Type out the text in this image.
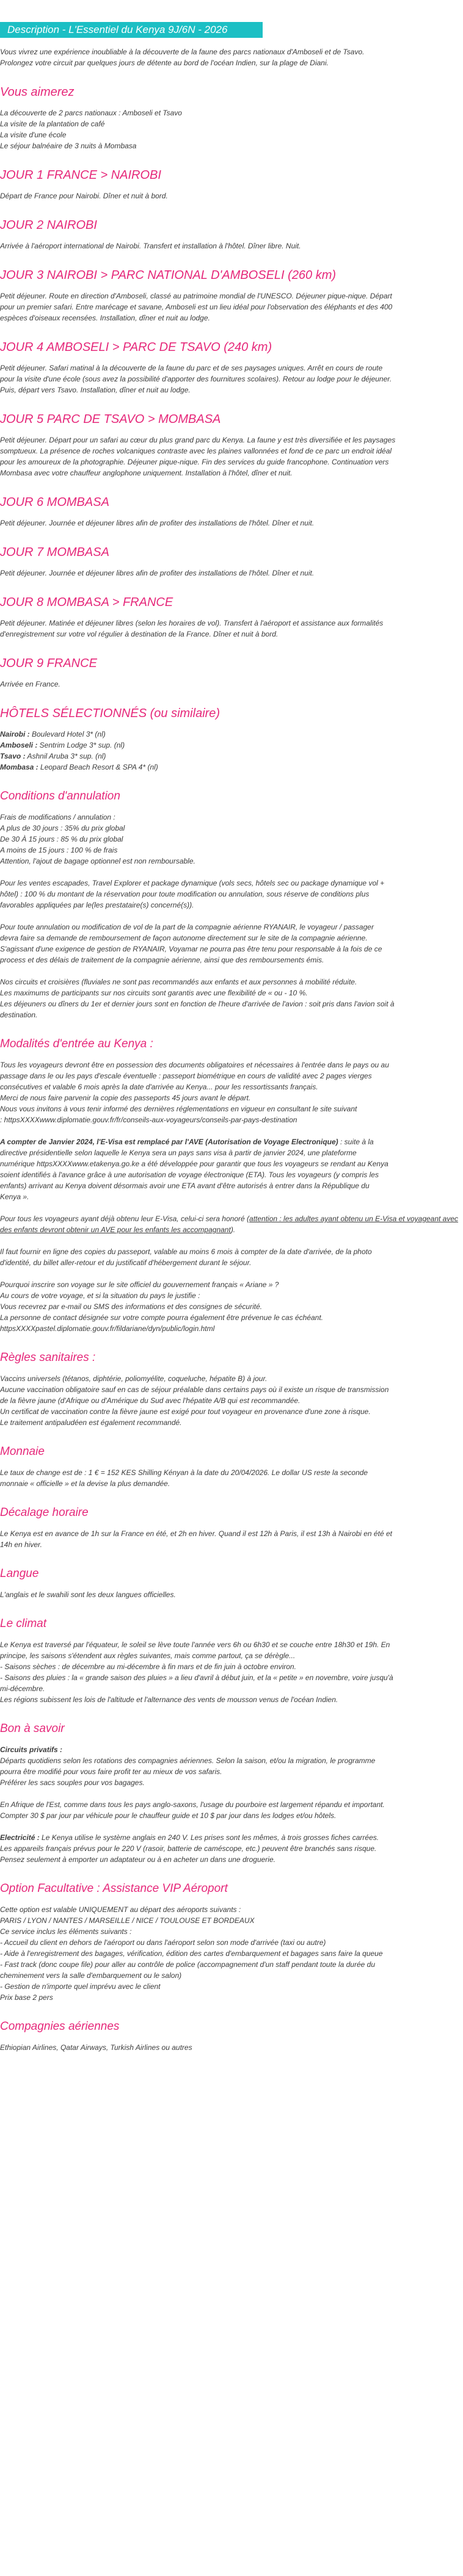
Description - L'Essentiel du Kenya 9J/6N - 2026

Vous vivrez une expérience inoubliable à la découverte de la faune des parcs nationaux d'Amboseli et de Tsavo.

Prolongez votre circuit par quelques jours de détente au bord de l'océan Indien, sur la plage de Diani.

Vous aimerez

La découverte de 2 parcs nationaux : Amboseli et Tsavo

La visite de la plantation de café

La visite d'une école

Le séjour balnéaire de 3 nuits à Mombasa

JOUR 1 FRANCE > NAIROBI

Départ de France pour Nairobi. Dîner et nuit à bord.

JOUR 2 NAIROBI

Arrivée à l'aéroport international de Nairobi. Transfert et installation à l'hôtel. Dîner libre. Nuit.

JOUR 3 NAIROBI > PARC NATIONAL D'AMBOSELI (260 km)

Petit déjeuner. Route en direction d'Amboseli, classé au patrimoine mondial de l'UNESCO. Déjeuner pique-nique. Départ

pour un premier safari. Entre marécage et savane, Amboseli est un lieu idéal pour l'observation des éléphants et des 400

espèces d'oiseaux recensées. Installation, dîner et nuit au lodge.

JOUR 4 AMBOSELI > PARC DE TSAVO (240 km)

Petit déjeuner. Safari matinal à la découverte de la faune du parc et de ses paysages uniques. Arrêt en cours de route

pour la visite d'une école (sous avez la possibilité d'apporter des fournitures scolaires). Retour au lodge pour le déjeuner.

Puis, départ vers Tsavo. Installation, dîner et nuit au lodge.

JOUR 5 PARC DE TSAVO > MOMBASA

Petit déjeuner. Départ pour un safari au cœur du plus grand parc du Kenya. La faune y est très diversifiée et les paysages

somptueux. La présence de roches volcaniques contraste avec les plaines vallonnées et fond de ce parc un endroit idéal

pour les amoureux de la photographie. Déjeuner pique-nique. Fin des services du guide francophone. Continuation vers

Mombasa avec votre chauffeur anglophone uniquement. Installation à l'hôtel, dîner et nuit.

JOUR 6 MOMBASA

Petit déjeuner. Journée et déjeuner libres afin de profiter des installations de l'hôtel. Dîner et nuit.

JOUR 7 MOMBASA

Petit déjeuner. Journée et déjeuner libres afin de profiter des installations de l'hôtel. Dîner et nuit.

JOUR 8 MOMBASA > FRANCE

Petit déjeuner. Matinée et déjeuner libres (selon les horaires de vol). Transfert à l'aéroport et assistance aux formalités

d'enregistrement sur votre vol régulier à destination de la France. Dîner et nuit à bord.

JOUR 9 FRANCE

Arrivée en France.

HÔTELS SÉLECTIONNÉS (ou similaire)

Nairobi : Boulevard Hotel 3* (nl)

Amboseli : Sentrim Lodge 3* sup. (nl)

Tsavo : Ashnil Aruba 3* sup. (nl)

Mombasa : Leopard Beach Resort & SPA 4* (nl)

Conditions d'annulation

Frais de modifications / annulation :

A plus de 30 jours : 35% du prix global

De 30 À 15 jours : 85 % du prix global

A moins de 15 jours : 100 % de frais

Attention, l'ajout de bagage optionnel est non remboursable.

Pour les ventes escapades, Travel Explorer et package dynamique (vols secs, hôtels sec ou package dynamique vol +

hôtel) : 100 % du montant de la réservation pour toute modification ou annulation, sous réserve de conditions plus

favorables appliquées par le(les prestataire(s) concerné(s)).

Pour toute annulation ou modification de vol de la part de la compagnie aérienne RYANAIR, le voyageur / passager

devra faire sa demande de remboursement de façon autonome directement sur le site de la compagnie aérienne.

S'agissant d'une exigence de gestion de RYANAIR, Voyamar ne pourra pas être tenu pour responsable à la fois de ce

process et des délais de traitement de la compagnie aérienne, ainsi que des remboursements émis.

Nos circuits et croisières (fluviales ne sont pas recommandés aux enfants et aux personnes à mobilité réduite.

Les maximums de participants sur nos circuits sont garantis avec une flexibilité de « ou - 10 %.

Les déjeuners ou dîners du 1er et dernier jours sont en fonction de l'heure d'arrivée de l'avion : soit pris dans l'avion soit à

destination.

Modalités d'entrée au Kenya :

Tous les voyageurs devront être en possession des documents obligatoires et nécessaires à l'entrée dans le pays ou au

passage dans le ou les pays d'escale éventuelle : passeport biométrique en cours de validité avec 2 pages vierges

consécutives et valable 6 mois après la date d'arrivée au Kenya... pour les ressortissants français.

Merci de nous faire parvenir la copie des passeports 45 jours avant le départ.

Nous vous invitons à vous tenir informé des dernières réglementations en vigueur en consultant le site suivant

: httpsXXXXwww.diplomatie.gouv.fr/fr/conseils-aux-voyageurs/conseils-par-pays-destination

A compter de Janvier 2024, l'E-Visa est remplacé par l'AVE (Autorisation de Voyage Electronique) : suite à la

directive présidentielle selon laquelle le Kenya sera un pays sans visa à partir de janvier 2024, une plateforme

numérique httpsXXXXwww.etakenya.go.ke a été développée pour garantir que tous les voyageurs se rendant au Kenya

soient identifiés à l'avance grâce à une autorisation de voyage électronique (ETA). Tous les voyageurs (y compris les

enfants) arrivant au Kenya doivent désormais avoir une ETA avant d'être autorisés à entrer dans la République du

Kenya ».

Pour tous les voyageurs ayant déjà obtenu leur E-Visa, celui-ci sera honoré (attention : les adultes ayant obtenu un E-Visa et voyageant avec des enfants devront obtenir un AVE pour les enfants les accompagnant).

Il faut fournir en ligne des copies du passeport, valable au moins 6 mois à compter de la date d'arrivée, de la photo

d'identité, du billet aller-retour et du justificatif d'hébergement durant le séjour.

Pourquoi inscrire son voyage sur le site officiel du gouvernement français « Ariane » ?

Au cours de votre voyage, et si la situation du pays le justifie :

Vous recevrez par e-mail ou SMS des informations et des consignes de sécurité.

La personne de contact désignée sur votre compte pourra également être prévenue le cas échéant.

httpsXXXXpastel.diplomatie.gouv.fr/fildariane/dyn/public/login.html

Règles sanitaires :

Vaccins universels (tétanos, diphtérie, poliomyélite, coqueluche, hépatite B) à jour.

Aucune vaccination obligatoire sauf en cas de séjour préalable dans certains pays où il existe un risque de transmission

de la fièvre jaune (d'Afrique ou d'Amérique du Sud avec l'hépatite A/B qui est recommandée.

Un certificat de vaccination contre la fièvre jaune est exigé pour tout voyageur en provenance d'une zone à risque.

Le traitement antipaludéen est également recommandé.

Monnaie

Le taux de change est de : 1 € = 152 KES Shilling Kényan à la date du 20/04/2026. Le dollar US reste la seconde

monnaie « officielle » et la devise la plus demandée.

Décalage horaire

Le Kenya est en avance de 1h sur la France en été, et 2h en hiver. Quand il est 12h à Paris, il est 13h à Nairobi en été et

14h en hiver.

Langue

L'anglais et le swahili sont les deux langues officielles.

Le climat

Le Kenya est traversé par l'équateur, le soleil se lève toute l'année vers 6h ou 6h30 et se couche entre 18h30 et 19h. En

principe, les saisons s'étendent aux règles suivantes, mais comme partout, ça se dérègle...

- Saisons sèches : de décembre au mi-décembre à fin mars et de fin juin à octobre environ.

- Saisons des pluies : la « grande saison des pluies » a lieu d'avril à début juin, et la « petite » en novembre, voire jusqu'à

mi-décembre.

Les régions subissent les lois de l'altitude et l'alternance des vents de mousson venus de l'océan Indien.

Bon à savoir

Circuits privatifs :

Départs quotidiens selon les rotations des compagnies aériennes. Selon la saison, et/ou la migration, le programme

pourra être modifié pour vous faire profit ter au mieux de vos safaris.

Préférer les sacs souples pour vos bagages.

En Afrique de l'Est, comme dans tous les pays anglo-saxons, l'usage du pourboire est largement répandu et important.

Compter 30 $ par jour par véhicule pour le chauffeur guide et 10 $ par jour dans les lodges et/ou hôtels.

Electricité : Le Kenya utilise le système anglais en 240 V. Les prises sont les mêmes, à trois grosses fiches carrées.

Les appareils français prévus pour le 220 V (rasoir, batterie de caméscope, etc.) peuvent être branchés sans risque.

Pensez seulement à emporter un adaptateur ou à en acheter un dans une droguerie.

Option Facultative : Assistance VIP Aéroport

Cette option est valable UNIQUEMENT au départ des aéroports suivants :

PARIS / LYON / NANTES / MARSEILLE / NICE / TOULOUSE ET BORDEAUX

Ce service inclus les éléments suivants :

- Accueil du client en dehors de l'aéroport ou dans l'aéroport selon son mode d'arrivée (taxi ou autre)

- Aide à l'enregistrement des bagages, vérification, édition des cartes d'embarquement et bagages sans faire la queue

- Fast track (donc coupe file) pour aller au contrôle de police (accompagnement d'un staff pendant toute la durée du

cheminement vers la salle d'embarquement ou le salon)

- Gestion de n'importe quel imprévu avec le client

Prix base 2 pers

Compagnies aériennes

Ethiopian Airlines, Qatar Airways, Turkish Airlines ou autres
